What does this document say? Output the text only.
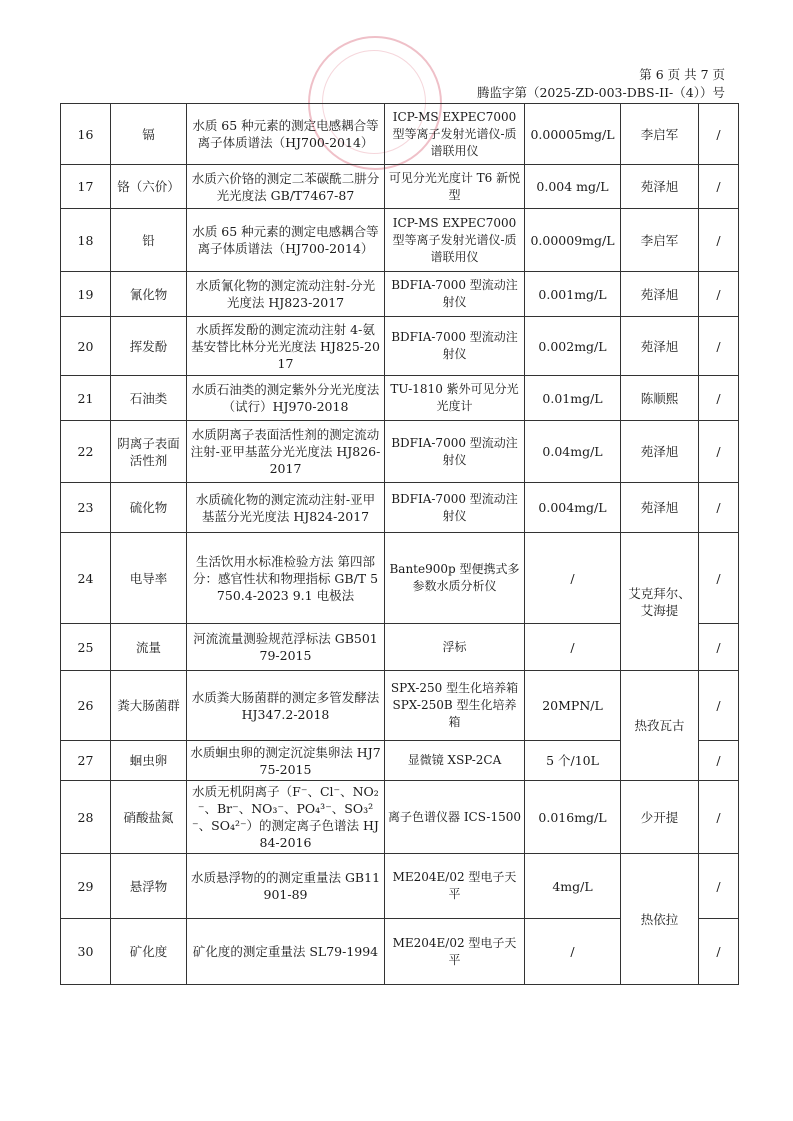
第 6 页 共 7 页
腾监字第（2025-ZD-003-DBS-II-（4））号
16	镉	水质 65 种元素的测定电感耦合等离子体质谱法（HJ700-2014）	ICP-MS EXPEC7000 型等离子发射光谱仪-质谱联用仪	0.00005mg/L	李启军	/
17	铬（六价）	水质六价铬的测定二苯碳酰二肼分光光度法 GB/T7467-87	可见分光光度计 T6 新悦型	0.004 mg/L	苑泽旭	/
18	铅	水质 65 种元素的测定电感耦合等离子体质谱法（HJ700-2014）	ICP-MS EXPEC7000 型等离子发射光谱仪-质谱联用仪	0.00009mg/L	李启军	/
19	氰化物	水质氰化物的测定流动注射-分光光度法 HJ823-2017	BDFIA-7000 型流动注射仪	0.001mg/L	苑泽旭	/
20	挥发酚	水质挥发酚的测定流动注射 4-氨基安替比林分光光度法 HJ825-2017	BDFIA-7000 型流动注射仪	0.002mg/L	苑泽旭	/
21	石油类	水质石油类的测定紫外分光光度法（试行）HJ970-2018	TU-1810 紫外可见分光光度计	0.01mg/L	陈顺熙	/
22	阴离子表面活性剂	水质阴离子表面活性剂的测定流动注射-亚甲基蓝分光光度法 HJ826-2017	BDFIA-7000 型流动注射仪	0.04mg/L	苑泽旭	/
23	硫化物	水质硫化物的测定流动注射-亚甲基蓝分光光度法 HJ824-2017	BDFIA-7000 型流动注射仪	0.004mg/L	苑泽旭	/
24	电导率	生活饮用水标准检验方法 第四部分：感官性状和物理指标 GB/T 5750.4-2023 9.1 电极法	Bante900p 型便携式多参数水质分析仪	/	艾克拜尔、艾海提	/
25	流量	河流流量测验规范浮标法 GB50179-2015	浮标	/		/
26	粪大肠菌群	水质粪大肠菌群的测定多管发酵法 HJ347.2-2018	SPX-250 型生化培养箱 SPX-250B 型生化培养箱	20MPN/L	热孜瓦古	/
27	蛔虫卵	水质蛔虫卵的测定沉淀集卵法 HJ775-2015	显微镜 XSP-2CA	5 个/10L		/
28	硝酸盐氮	水质无机阴离子（F⁻、Cl⁻、NO₂⁻、Br⁻、NO₃⁻、PO₄³⁻、SO₃²⁻、SO₄²⁻）的测定离子色谱法 HJ84-2016	离子色谱仪器 ICS-1500	0.016mg/L	少开提	/
29	悬浮物	水质悬浮物的的测定重量法 GB11901-89	ME204E/02 型电子天平	4mg/L	热依拉	/
30	矿化度	矿化度的测定重量法 SL79-1994	ME204E/02 型电子天平	/		/
